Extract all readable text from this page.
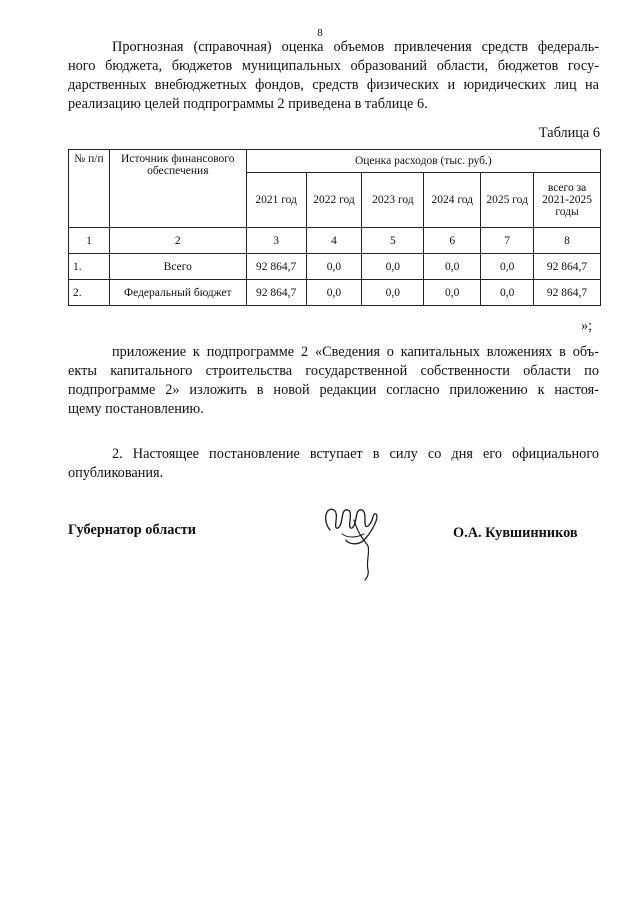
8
Прогнозная (справочная) оценка объемов привлечения средств федераль-
ного бюджета, бюджетов муниципальных образований области, бюджетов госу-
дарственных внебюджетных фондов, средств физических и юридических лиц на
реализацию целей подпрограммы 2 приведена в таблице 6.
Таблица 6
№ п/п	Источник финансового обеспечения	Оценка расходов (тыс. руб.)					
		2021 год	2022 год	2023 год	2024 год	2025 год	всего за 2021-2025 годы
1	2	3	4	5	6	7	8
1.	Всего	92 864,7	0,0	0,0	0,0	0,0	92 864,7
2.	Федеральный бюджет	92 864,7	0,0	0,0	0,0	0,0	92 864,7
»;
приложение к подпрограмме 2 «Сведения о капитальных вложениях в объ-
екты капитального строительства государственной собственности области по
подпрограмме 2» изложить в новой редакции согласно приложению к настоя-
щему постановлению.
2. Настоящее постановление вступает в силу со дня его официального
опубликования.
Губернатор области	О.А. Кувшинников
